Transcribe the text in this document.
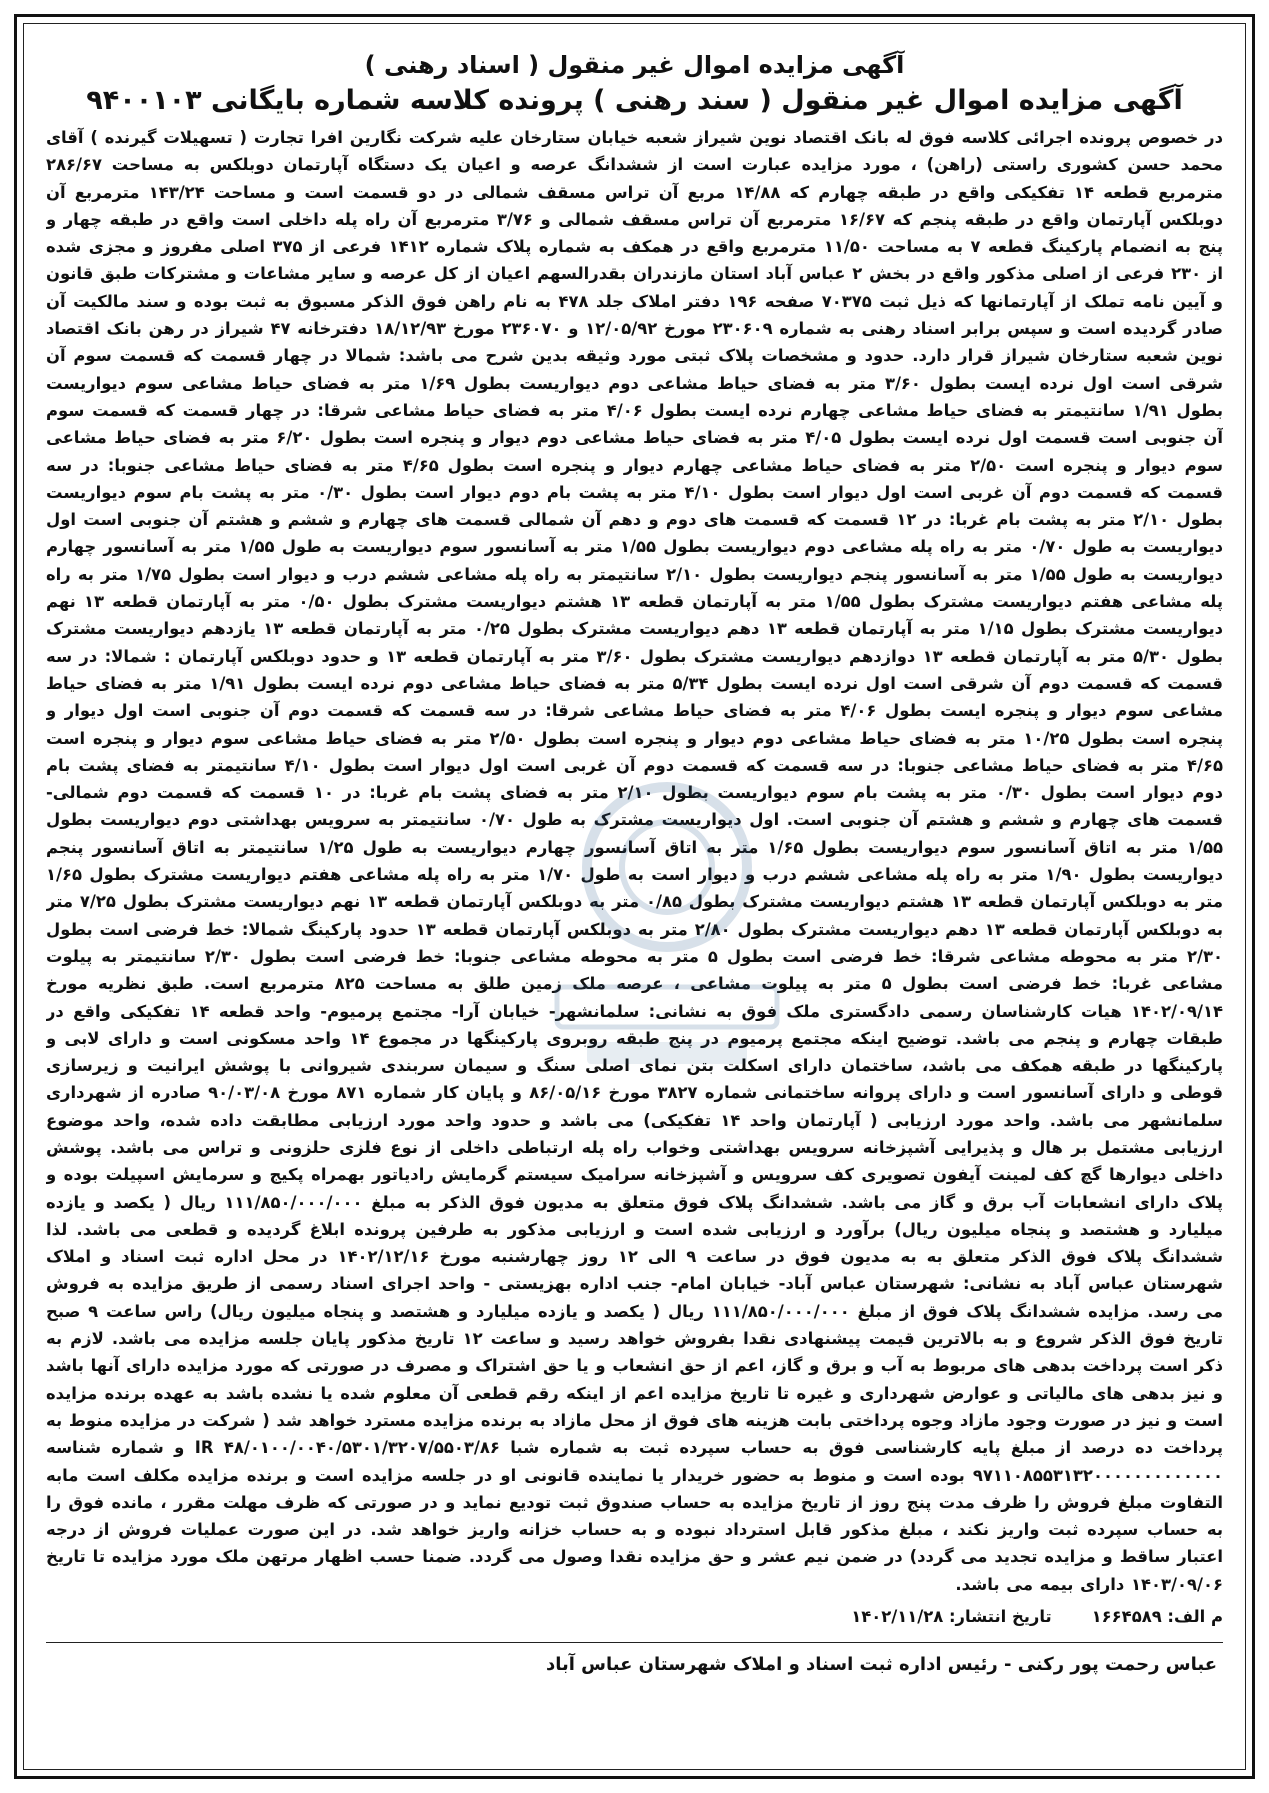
آگهی مزایده اموال غیر منقول ( اسناد رهنی )
آگهی مزایده اموال غیر منقول ( سند رهنی ) پرونده کلاسه شماره بایگانی ۹۴۰۰۱۰۳

در خصوص پرونده اجرائی کلاسه فوق له بانک اقتصاد نوین شیراز شعبه خیابان ستارخان علیه شرکت نگارین افرا تجارت ( تسهیلات گیرنده ) آقای محمد حسن کشوری راستی (راهن) ، مورد مزایده عبارت است از ششدانگ عرصه و اعیان یک دستگاه آپارتمان دوبلکس به مساحت ۲۸۶/۶۷ مترمربع قطعه ۱۴ تفکیکی واقع در طبقه چهارم که ۱۴/۸۸ مربع آن تراس مسقف شمالی در دو قسمت است و مساحت ۱۴۳/۲۴ مترمربع آن دوبلکس آپارتمان واقع در طبقه پنجم که ۱۶/۶۷ مترمربع آن تراس مسقف شمالی و ۳/۷۶ مترمربع آن راه پله داخلی است واقع در طبقه چهار و پنج به انضمام پارکینگ قطعه ۷ به مساحت ۱۱/۵۰ مترمربع واقع در همکف به شماره پلاک شماره ۱۴۱۲ فرعی از ۳۷۵ اصلی مفروز و مجزی شده از ۲۳۰ فرعی از اصلی مذکور واقع در بخش ۲ عباس آباد استان مازندران بقدرالسهم اعیان از کل عرصه و سایر مشاعات و مشترکات طبق قانون و آیین نامه تملک از آپارتمانها که ذیل ثبت ۷۰۳۷۵ صفحه ۱۹۶ دفتر املاک جلد ۴۷۸ به نام راهن فوق الذکر مسبوق به ثبت بوده و سند مالکیت آن صادر گردیده است و سپس برابر اسناد رهنی به شماره ۲۳۰۶۰۹ مورخ ۱۲/۰۵/۹۲ و ۲۳۶۰۷۰ مورخ ۱۸/۱۲/۹۳ دفترخانه ۴۷ شیراز در رهن بانک اقتصاد نوین شعبه ستارخان شیراز قرار دارد. حدود و مشخصات پلاک ثبتی مورد وثیقه بدین شرح می باشد: شمالا در چهار قسمت که قسمت سوم آن شرقی است اول نرده ایست بطول ۳/۶۰ متر به فضای حیاط مشاعی دوم دیواریست بطول ۱/۶۹ متر به فضای حیاط مشاعی سوم دیواریست بطول ۱/۹۱ سانتیمتر به فضای حیاط مشاعی چهارم نرده ایست بطول ۴/۰۶ متر به فضای حیاط مشاعی شرقا: در چهار قسمت که قسمت سوم آن جنوبی است قسمت اول نرده ایست بطول ۴/۰۵ متر به فضای حیاط مشاعی دوم دیوار و پنجره است بطول ۶/۲۰ متر به فضای حیاط مشاعی سوم دیوار و پنجره است ۲/۵۰ متر به فضای حیاط مشاعی چهارم دیوار و پنجره است بطول ۴/۶۵ متر به فضای حیاط مشاعی جنوبا: در سه قسمت که قسمت دوم آن غربی است اول دیوار است بطول ۴/۱۰ متر به پشت بام دوم دیوار است بطول ۰/۳۰ متر به پشت بام سوم دیواریست بطول ۲/۱۰ متر به پشت بام غربا: در ۱۲ قسمت که قسمت های دوم و دهم آن شمالی قسمت های چهارم و ششم و هشتم آن جنوبی است اول دیواریست به طول ۰/۷۰ متر به راه پله مشاعی دوم دیواریست بطول ۱/۵۵ متر به آسانسور سوم دیواریست به طول ۱/۵۵ متر به آسانسور چهارم دیواریست به طول ۱/۵۵ متر به آسانسور پنجم دیواریست بطول ۲/۱۰ سانتیمتر به راه پله مشاعی ششم درب و دیوار است بطول ۱/۷۵ متر به راه پله مشاعی هفتم دیواریست مشترک بطول ۱/۵۵ متر به آپارتمان قطعه ۱۳ هشتم دیواریست مشترک بطول ۰/۵۰ متر به آپارتمان قطعه ۱۳ نهم دیواریست مشترک بطول ۱/۱۵ متر به آپارتمان قطعه ۱۳ دهم دیواریست مشترک بطول ۰/۲۵ متر به آپارتمان قطعه ۱۳ یازدهم دیواریست مشترک بطول ۵/۳۰ متر به آپارتمان قطعه ۱۳ دوازدهم دیواریست مشترک بطول ۳/۶۰ متر به آپارتمان قطعه ۱۳ و حدود دوبلکس آپارتمان : شمالا: در سه قسمت که قسمت دوم آن شرقی است اول نرده ایست بطول ۵/۳۴ متر به فضای حیاط مشاعی دوم نرده ایست بطول ۱/۹۱ متر به فضای حیاط مشاعی سوم دیوار و پنجره ایست بطول ۴/۰۶ متر به فضای حیاط مشاعی شرقا: در سه قسمت که قسمت دوم آن جنوبی است اول دیوار و پنجره است بطول ۱۰/۲۵ متر به فضای حیاط مشاعی دوم دیوار و پنجره است بطول ۲/۵۰ متر به فضای حیاط مشاعی سوم دیوار و پنجره است ۴/۶۵ متر به فضای حیاط مشاعی جنوبا: در سه قسمت که قسمت دوم آن غربی است اول دیوار است بطول ۴/۱۰ سانتیمتر به فضای پشت بام دوم دیوار است بطول ۰/۳۰ متر به پشت بام سوم دیواریست بطول ۲/۱۰ متر به فضای پشت بام غربا: در ۱۰ قسمت که قسمت دوم شمالی- قسمت های چهارم و ششم و هشتم آن جنوبی است. اول دیواریست مشترک به طول ۰/۷۰ سانتیمتر به سرویس بهداشتی دوم دیواریست بطول ۱/۵۵ متر به اتاق آسانسور سوم دیواریست بطول ۱/۶۵ متر به اتاق آسانسور چهارم دیواریست به طول ۱/۲۵ سانتیمتر به اتاق آسانسور پنجم دیواریست بطول ۱/۹۰ متر به راه پله مشاعی ششم درب و دیوار است به طول ۱/۷۰ متر به راه پله مشاعی هفتم دیواریست مشترک بطول ۱/۶۵ متر به دوبلکس آپارتمان قطعه ۱۳ هشتم دیواریست مشترک بطول ۰/۸۵ متر به دوبلکس آپارتمان قطعه ۱۳ نهم دیواریست مشترک بطول ۷/۲۵ متر به دوبلکس آپارتمان قطعه ۱۳ دهم دیواریست مشترک بطول ۲/۸۰ متر به دوبلکس آپارتمان قطعه ۱۳ حدود پارکینگ شمالا: خط فرضی است بطول ۲/۳۰ متر به محوطه مشاعی شرقا: خط فرضی است بطول ۵ متر به محوطه مشاعی جنوبا: خط فرضی است بطول ۲/۳۰ سانتیمتر به پیلوت مشاعی غربا: خط فرضی است بطول ۵ متر به پیلوت مشاعی ، عرصه ملک زمین طلق به مساحت ۸۲۵ مترمربع است. طبق نظریه مورخ ۱۴۰۲/۰۹/۱۴ هیات کارشناسان رسمی دادگستری ملک فوق به نشانی: سلمانشهر- خیابان آرا- مجتمع پرمیوم- واحد قطعه ۱۴ تفکیکی واقع در طبقات چهارم و پنجم می باشد. توضیح اینکه مجتمع پرمیوم در پنج طبقه روبروی پارکینگها در مجموع ۱۴ واحد مسکونی است و دارای لابی و پارکینگها در طبقه همکف می باشد، ساختمان دارای اسکلت بتن نمای اصلی سنگ و سیمان سربندی شیروانی با پوشش ایرانیت و زیرسازی قوطی و دارای آسانسور است و دارای پروانه ساختمانی شماره ۳۸۲۷ مورخ ۸۶/۰۵/۱۶ و پایان کار شماره ۸۷۱ مورخ ۹۰/۰۳/۰۸ صادره از شهرداری سلمانشهر می باشد. واحد مورد ارزیابی ( آپارتمان واحد ۱۴ تفکیکی) می باشد و حدود واحد مورد ارزیابی مطابقت داده شده، واحد موضوع ارزیابی مشتمل بر هال و پذیرایی آشپزخانه سرویس بهداشتی وخواب راه پله ارتباطی داخلی از نوع فلزی حلزونی و تراس می باشد. پوشش داخلی دیوارها گچ کف لمینت آیفون تصویری کف سرویس و آشپزخانه سرامیک سیستم گرمایش رادیاتور بهمراه پکیج و سرمایش اسپیلت بوده و پلاک دارای انشعابات آب برق و گاز می باشد. ششدانگ پلاک فوق متعلق به مدیون فوق الذکر به مبلغ ۱۱۱/۸۵۰/۰۰۰/۰۰۰ ریال ( یکصد و یازده میلیارد و هشتصد و پنجاه میلیون ریال) برآورد و ارزیابی شده است و ارزیابی مذکور به طرفین پرونده ابلاغ گردیده و قطعی می باشد. لذا ششدانگ پلاک فوق الذکر متعلق به به مدیون فوق در ساعت ۹ الی ۱۲ روز چهارشنبه مورخ ۱۴۰۲/۱۲/۱۶ در محل اداره ثبت اسناد و املاک شهرستان عباس آباد به نشانی: شهرستان عباس آباد- خیابان امام- جنب اداره بهزیستی - واحد اجرای اسناد رسمی از طریق مزایده به فروش می رسد. مزایده ششدانگ پلاک فوق از مبلغ ۱۱۱/۸۵۰/۰۰۰/۰۰۰ ریال ( یکصد و یازده میلیارد و هشتصد و پنجاه میلیون ریال) راس ساعت ۹ صبح تاریخ فوق الذکر شروع و به بالاترین قیمت پیشنهادی نقدا بفروش خواهد رسید و ساعت ۱۲ تاریخ مذکور پایان جلسه مزایده می باشد. لازم به ذکر است پرداخت بدهی های مربوط به آب و برق و گاز، اعم از حق انشعاب و یا حق اشتراک و مصرف در صورتی که مورد مزایده دارای آنها باشد و نیز بدهی های مالیاتی و عوارض شهرداری و غیره تا تاریخ مزایده اعم از اینکه رقم قطعی آن معلوم شده یا نشده باشد به عهده برنده مزایده است و نیز در صورت وجود مازاد وجوه پرداختی بابت هزینه های فوق از محل مازاد به برنده مزایده مسترد خواهد شد ( شرکت در مزایده منوط به پرداخت ده درصد از مبلغ پایه کارشناسی فوق به حساب سپرده ثبت به شماره شبا IR ۴۸/۰۱۰۰/۰۰۴۰/۵۳۰۱/۳۲۰۷/۵۵۰۳/۸۶ و شماره شناسه ۹۷۱۱۰۸۵۵۳۱۳۲۰۰۰۰۰۰۰۰۰۰۰۰۰ بوده است و منوط به حضور خریدار یا نماینده قانونی او در جلسه مزایده است و برنده مزایده مکلف است مابه التفاوت مبلغ فروش را ظرف مدت پنج روز از تاریخ مزایده به حساب صندوق ثبت تودیع نماید و در صورتی که ظرف مهلت مقرر ، مانده فوق را به حساب سپرده ثبت واریز نکند ، مبلغ مذکور قابل استرداد نبوده و به حساب خزانه واریز خواهد شد. در این صورت عملیات فروش از درجه اعتبار ساقط و مزایده تجدید می گردد) در ضمن نیم عشر و حق مزایده نقدا وصول می گردد. ضمنا حسب اظهار مرتهن ملک مورد مزایده تا تاریخ ۱۴۰۳/۰۹/۰۶ دارای بیمه می باشد.

م الف: ۱۶۶۴۵۸۹
تاریخ انتشار: ۱۴۰۲/۱۱/۲۸

عباس رحمت پور رکنی - رئیس اداره ثبت اسناد و املاک شهرستان عباس آباد
